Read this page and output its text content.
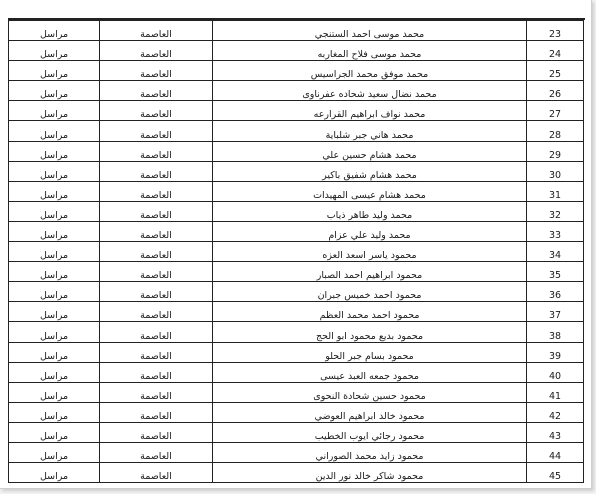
مراسل	العاصمة	محمد موسى احمد الستنجي	23
مراسل	العاصمة	محمد موسى فلاح المغاربه	24
مراسل	العاصمة	محمد موفق محمد الجراسيس	25
مراسل	العاصمة	محمد نضال سعيد شحاده عفرناوى	26
مراسل	العاصمة	محمد نواف ابراهيم القرارعه	27
مراسل	العاصمة	محمد هاني جبر شلباية	28
مراسل	العاصمة	محمد هشام حسين علي	29
مراسل	العاصمة	محمد هشام شفيق باكير	30
مراسل	العاصمة	محمد هشام عيسى المهيدات	31
مراسل	العاصمة	محمد وليد طاهر ذياب	32
مراسل	العاصمة	محمد وليد علي عزام	33
مراسل	العاصمة	محمود ياسر اسعد العزه	34
مراسل	العاصمة	محمود ابراهيم احمد الصبار	35
مراسل	العاصمة	محمود احمد خميس جبران	36
مراسل	العاصمة	محمود احمد محمد العظم	37
مراسل	العاصمة	محمود بديع محمود ابو الحج	38
مراسل	العاصمة	محمود بسام جبر الحلو	39
مراسل	العاصمة	محمود جمعه العبد عيسى	40
مراسل	العاصمة	محمود حسين شحادة النحوى	41
مراسل	العاصمة	محمود خالد ابراهيم العوضي	42
مراسل	العاصمة	محمود رجائي ايوب الخطيب	43
مراسل	العاصمة	محمود زايد محمد الصوراني	44
مراسل	العاصمة	محمود شاكر خالد نور الدين	45
